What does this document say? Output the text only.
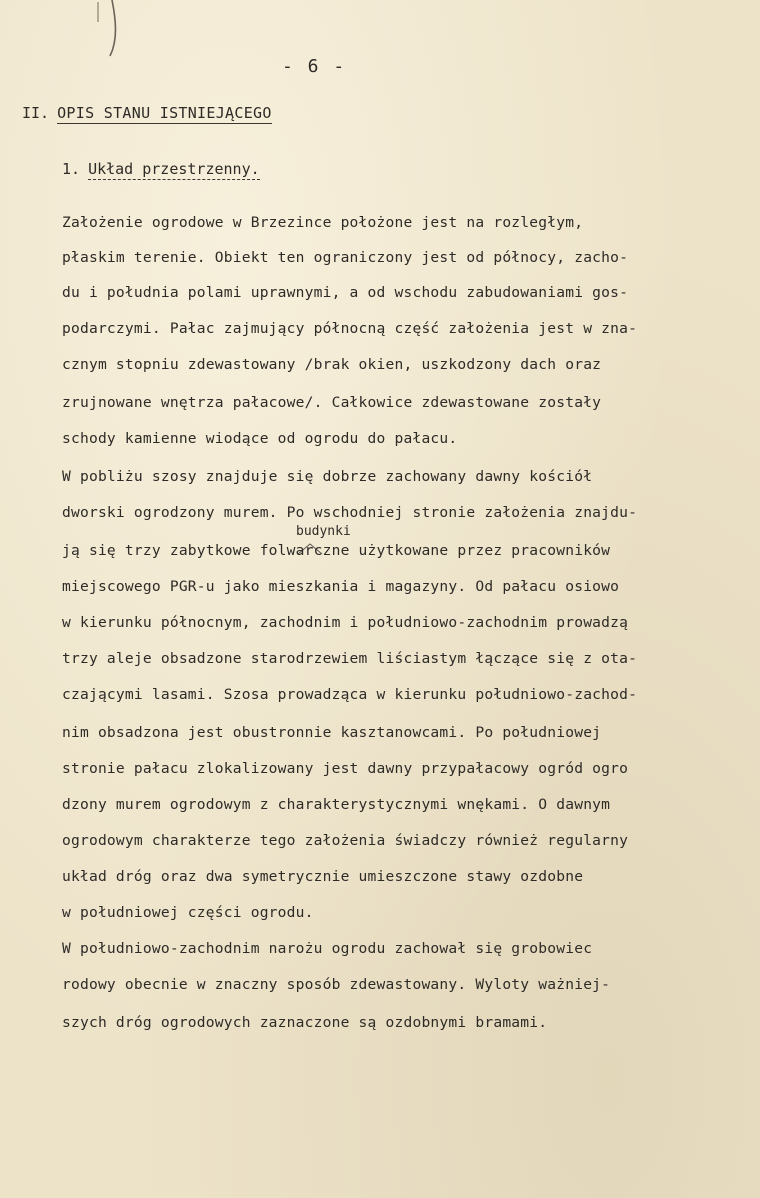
- 6 -
II. OPIS STANU ISTNIEJĄCEGO
1. Układ przestrzenny.
Założenie ogrodowe w Brzezince położone jest na rozległym,
płaskim terenie. Obiekt ten ograniczony jest od północy, zacho-
du i południa polami uprawnymi, a od wschodu zabudowaniami gos-
podarczymi. Pałac zajmujący północną część założenia jest w zna-
cznym stopniu zdewastowany /brak okien, uszkodzony dach oraz
zrujnowane wnętrza pałacowe/. Całkowice zdewastowane zostały
schody kamienne wiodące od ogrodu do pałacu.
W pobliżu szosy znajduje się dobrze zachowany dawny kościół
dworski ogrodzony murem. Po wschodniej stronie założenia znajdu-
budynki
ją się trzy zabytkowe folwarczne użytkowane przez pracowników
miejscowego PGR-u jako mieszkania i magazyny. Od pałacu osiowo
w kierunku północnym, zachodnim i południowo-zachodnim prowadzą
trzy aleje obsadzone starodrzewiem liściastym łączące się z ota-
czającymi lasami. Szosa prowadząca w kierunku południowo-zachod-
nim obsadzona jest obustronnie kasztanowcami. Po południowej
stronie pałacu zlokalizowany jest dawny przypałacowy ogród ogro
dzony murem ogrodowym z charakterystycznymi wnękami. O dawnym
ogrodowym charakterze tego założenia świadczy również regularny
układ dróg oraz dwa symetrycznie umieszczone stawy ozdobne
w południowej części ogrodu.
W południowo-zachodnim narożu ogrodu zachował się grobowiec
rodowy obecnie w znaczny sposób zdewastowany. Wyloty ważniej-
szych dróg ogrodowych zaznaczone są ozdobnymi bramami.
